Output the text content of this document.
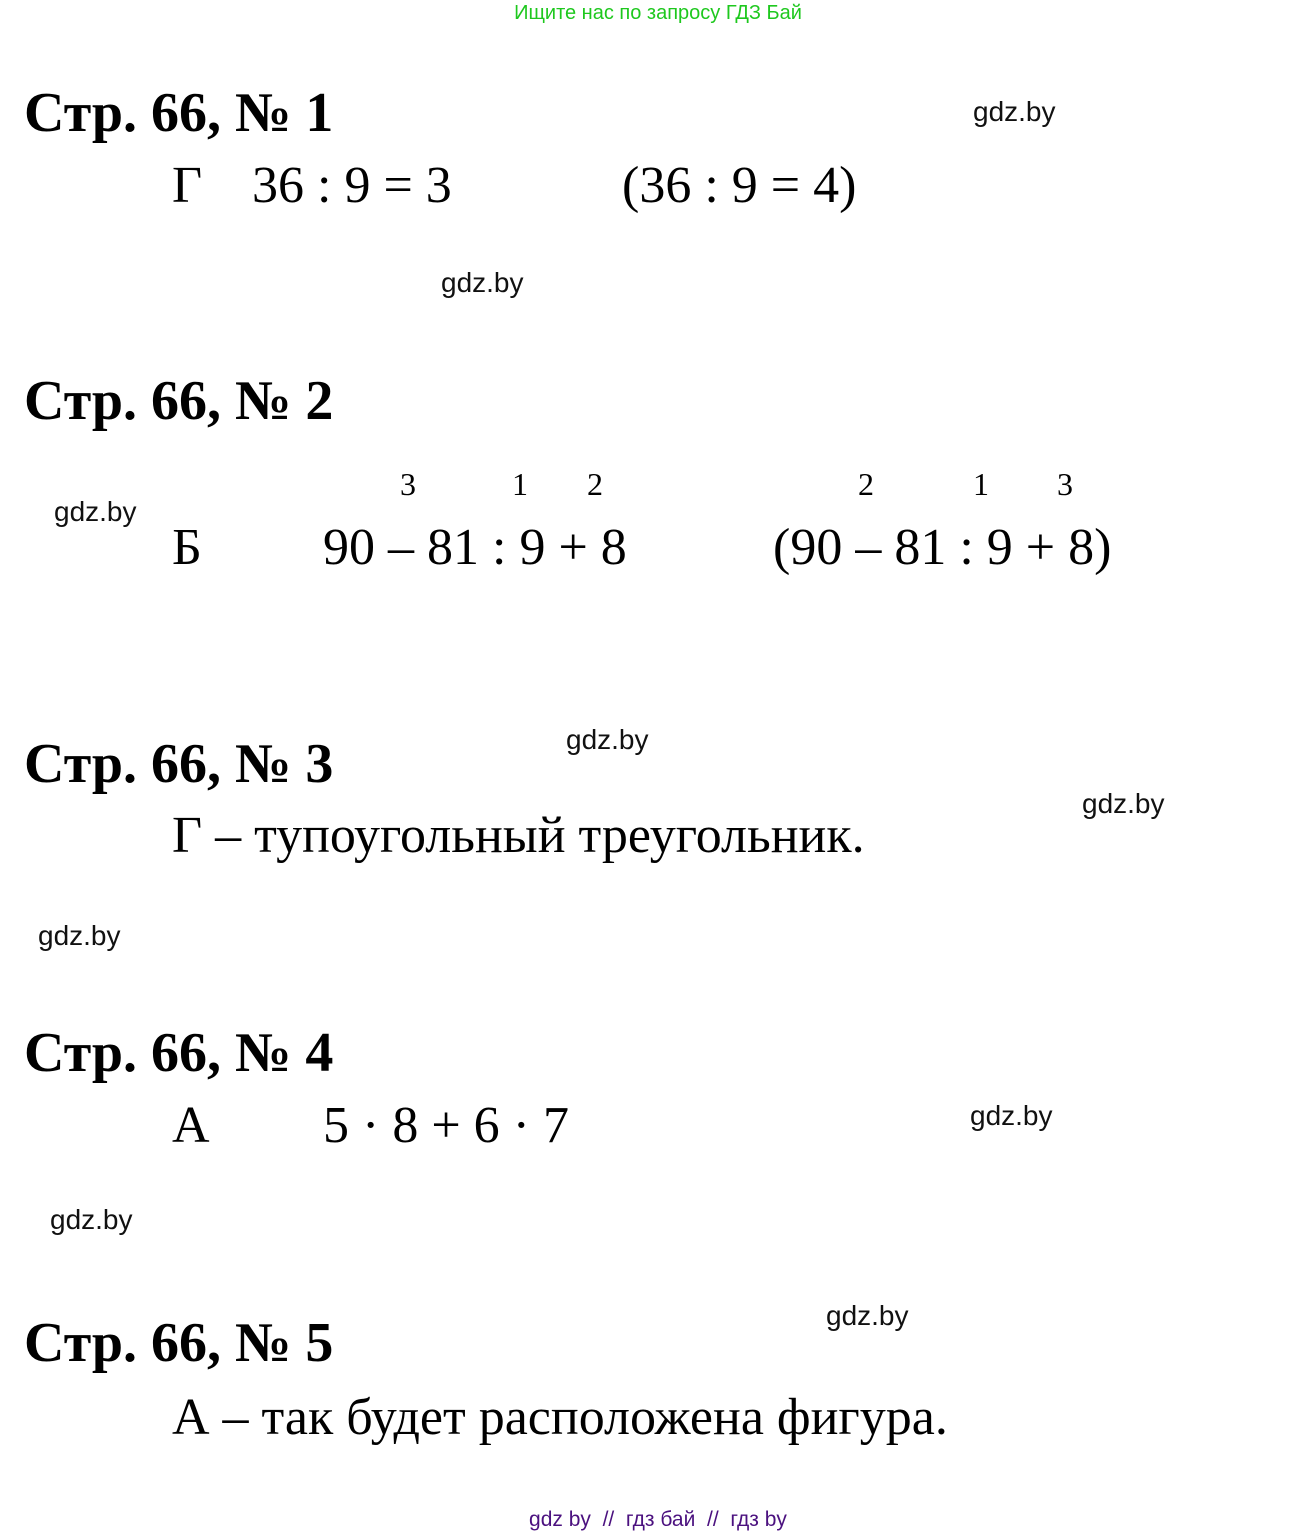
Ищите нас по запросу ГДЗ Бай
Стр. 66, № 1	gdz.by
Г 36 : 9 = 3	(36 : 9 = 4)
gdz.by
Стр. 66, № 2
3	1 2	2	1 3
gdz.by
Б 90 – 81 : 9 + 8	(90 – 81 : 9 + 8)
gdz.by
Стр. 66, № 3
gdz.by
Г – тупоугольный треугольник.
gdz.by
Стр. 66, № 4
gdz.by
А 5 · 8 + 6 · 7
gdz.by
gdz.by
Стр. 66, № 5
А – так будет расположена фигура.
gdz by  //  гдз бай  //  гдз by
